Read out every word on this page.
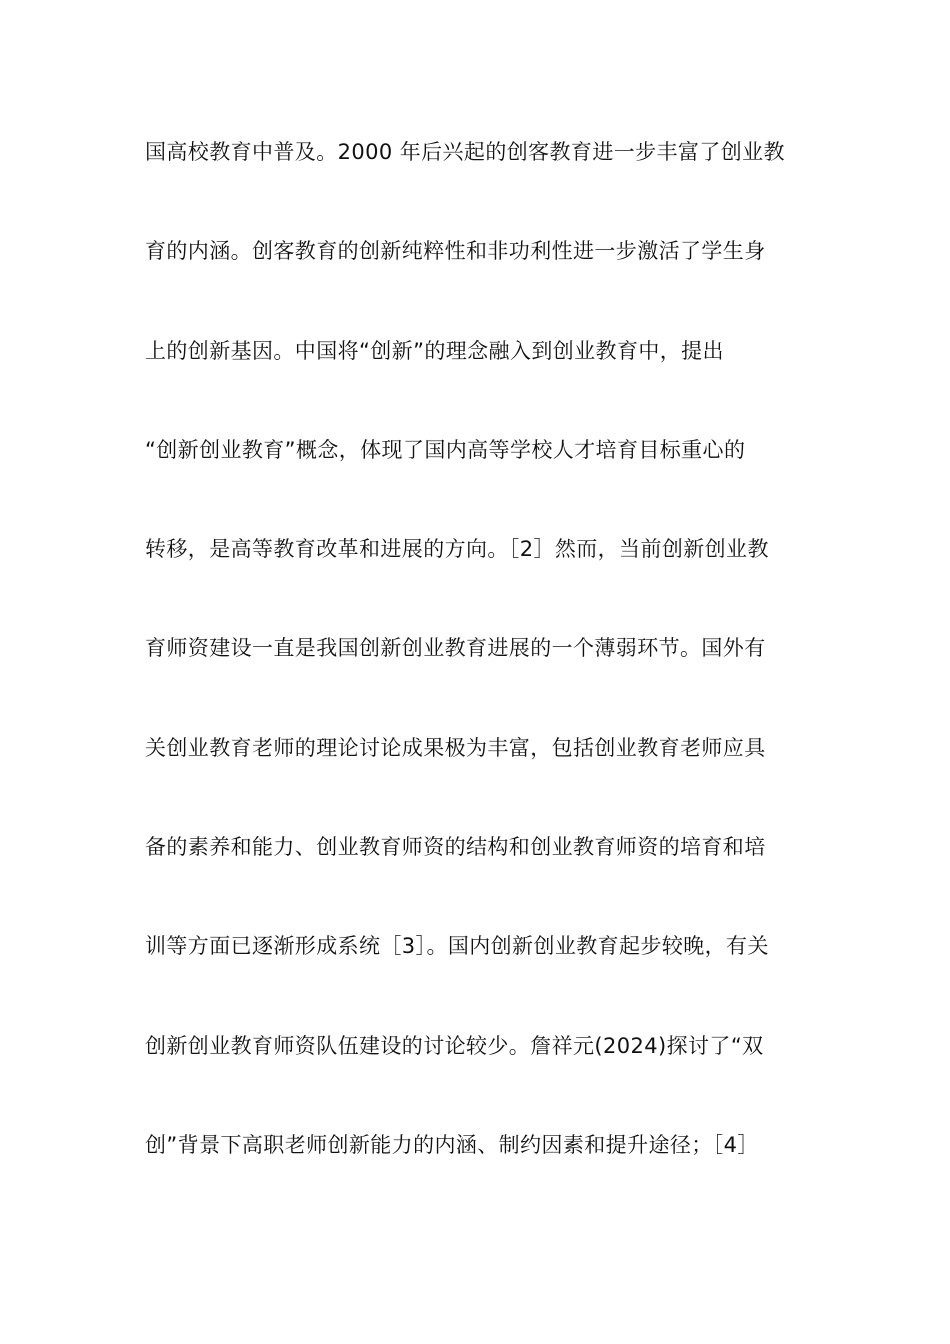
国高校教育中普及。2000 年后兴起的创客教育进一步丰富了创业教
育的内涵。创客教育的创新纯粹性和非功利性进一步激活了学生身
上的创新基因。中国将“创新”的理念融入到创业教育中，提出
“创新创业教育”概念，体现了国内高等学校人才培育目标重心的
转移，是高等教育改革和进展的方向。［2］然而，当前创新创业教
育师资建设一直是我国创新创业教育进展的一个薄弱环节。国外有
关创业教育老师的理论讨论成果极为丰富，包括创业教育老师应具
备的素养和能力、创业教育师资的结构和创业教育师资的培育和培
训等方面已逐渐形成系统［3］。国内创新创业教育起步较晚，有关
创新创业教育师资队伍建设的讨论较少。詹祥元(2024)探讨了“双
创”背景下高职老师创新能力的内涵、制约因素和提升途径；［4］
